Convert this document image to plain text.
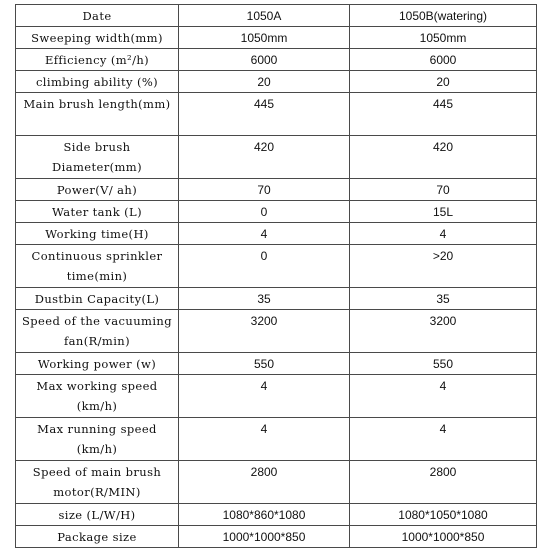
Date	1050A	1050B(watering)
Sweeping width(mm)	1050mm	1050mm
Efficiency (m²/h)	6000	6000
climbing ability (%)	20	20
Main brush length(mm)	445	445
Side brush Diameter(mm)	420	420
Power(V/ ah)	70	70
Water tank (L)	0	15L
Working time(H)	4	4
Continuous sprinkler time(min)	0	>20
Dustbin Capacity(L)	35	35
Speed of the vacuuming fan(R/min)	3200	3200
Working power (w)	550	550
Max working speed (km/h)	4	4
Max running speed (km/h)	4	4
Speed of main brush motor(R/MIN)	2800	2800
size (L/W/H)	1080*860*1080	1080*1050*1080
Package size	1000*1000*850	1000*1000*850
